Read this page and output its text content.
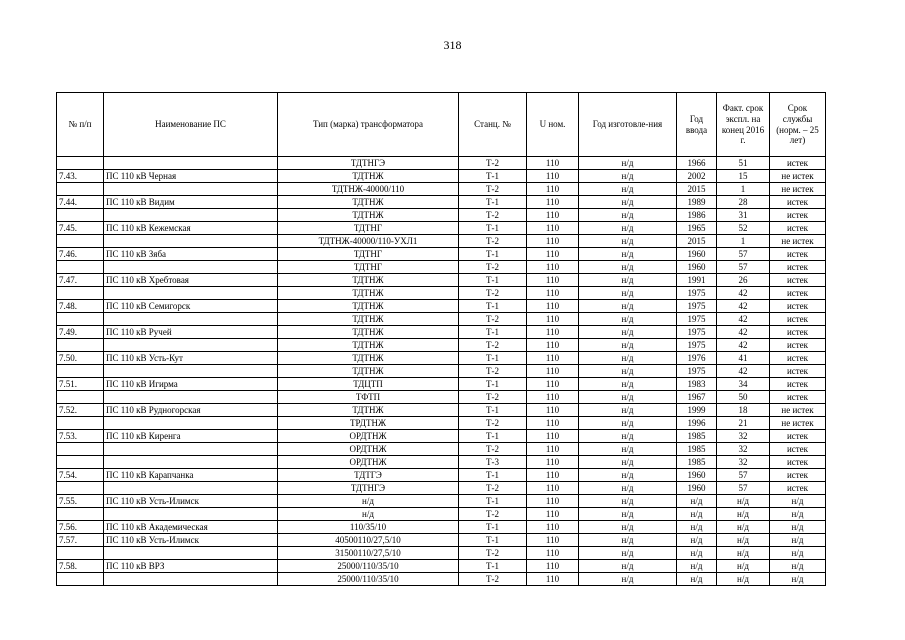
318
№ п/п	Наименование ПС	Тип (марка) трансформатора	Станц. №	U ном.	Год изготовле-ния	Год ввода	Факт. срок экспл. на конец 2016 г.	Срок службы (норм. – 25 лет)
		ТДТНГЭ	Т-2	110	н/д	1966	51	истек
7.43.	ПС 110 кВ Черная	ТДТНЖ	Т-1	110	н/д	2002	15	не истек
		ТДТНЖ-40000/110	Т-2	110	н/д	2015	1	не истек
7.44.	ПС 110 кВ Видим	ТДТНЖ	Т-1	110	н/д	1989	28	истек
		ТДТНЖ	Т-2	110	н/д	1986	31	истек
7.45.	ПС 110 кВ Кежемская	ТДТНГ	Т-1	110	н/д	1965	52	истек
		ТДТНЖ-40000/110-УХЛ1	Т-2	110	н/д	2015	1	не истек
7.46.	ПС 110 кВ Зяба	ТДТНГ	Т-1	110	н/д	1960	57	истек
		ТДТНГ	Т-2	110	н/д	1960	57	истек
7.47.	ПС 110 кВ Хребтовая	ТДТНЖ	Т-1	110	н/д	1991	26	истек
		ТДТНЖ	Т-2	110	н/д	1975	42	истек
7.48.	ПС 110 кВ Семигорск	ТДТНЖ	Т-1	110	н/д	1975	42	истек
		ТДТНЖ	Т-2	110	н/д	1975	42	истек
7.49.	ПС 110 кВ Ручей	ТДТНЖ	Т-1	110	н/д	1975	42	истек
		ТДТНЖ	Т-2	110	н/д	1975	42	истек
7.50.	ПС 110 кВ Усть-Кут	ТДТНЖ	Т-1	110	н/д	1976	41	истек
		ТДТНЖ	Т-2	110	н/д	1975	42	истек
7.51.	ПС 110 кВ Игирма	ТДЦТП	Т-1	110	н/д	1983	34	истек
		ТФТП	Т-2	110	н/д	1967	50	истек
7.52.	ПС 110 кВ Рудногорская	ТДТНЖ	Т-1	110	н/д	1999	18	не истек
		ТРДТНЖ	Т-2	110	н/д	1996	21	не истек
7.53.	ПС 110 кВ Киренга	ОРДТНЖ	Т-1	110	н/д	1985	32	истек
		ОРДТНЖ	Т-2	110	н/д	1985	32	истек
		ОРДТНЖ	Т-3	110	н/д	1985	32	истек
7.54.	ПС 110 кВ Карапчанка	ТДТГЭ	Т-1	110	н/д	1960	57	истек
		ТДТНГЭ	Т-2	110	н/д	1960	57	истек
7.55.	ПС 110 кВ Усть-Илимск	н/д	Т-1	110	н/д	н/д	н/д	н/д
		н/д	Т-2	110	н/д	н/д	н/д	н/д
7.56.	ПС 110 кВ Академическая	110/35/10	Т-1	110	н/д	н/д	н/д	н/д
7.57.	ПС 110 кВ Усть-Илимск	40500110/27,5/10	Т-1	110	н/д	н/д	н/д	н/д
		31500110/27,5/10	Т-2	110	н/д	н/д	н/д	н/д
7.58.	ПС 110 кВ ВРЗ	25000/110/35/10	Т-1	110	н/д	н/д	н/д	н/д
		25000/110/35/10	Т-2	110	н/д	н/д	н/д	н/д
